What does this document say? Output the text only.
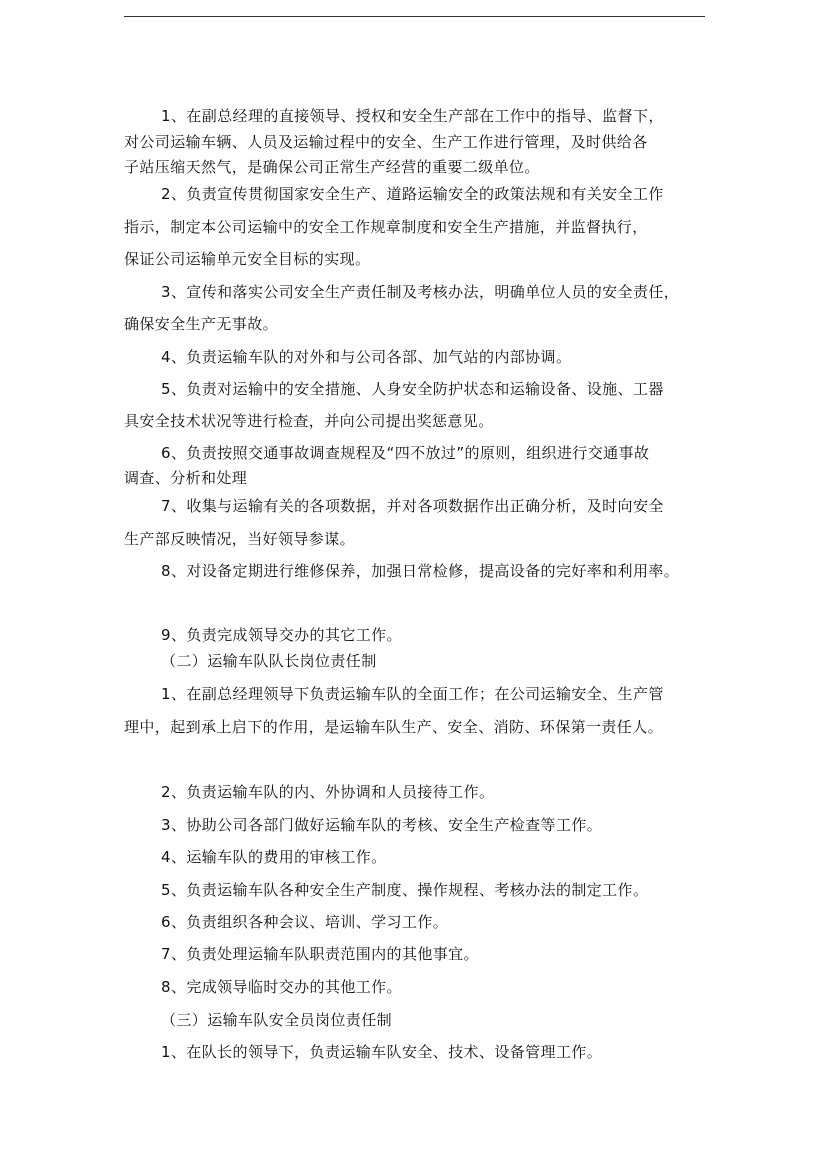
1、在副总经理的直接领导、授权和安全生产部在工作中的指导、监督下，
对公司运输车辆、人员及运输过程中的安全、生产工作进行管理，及时供给各
子站压缩天然气，是确保公司正常生产经营的重要二级单位。
2、负责宣传贯彻国家安全生产、道路运输安全的政策法规和有关安全工作
指示，制定本公司运输中的安全工作规章制度和安全生产措施，并监督执行，
保证公司运输单元安全目标的实现。
3、宣传和落实公司安全生产责任制及考核办法，明确单位人员的安全责任，
确保安全生产无事故。
4、负责运输车队的对外和与公司各部、加气站的内部协调。
5、负责对运输中的安全措施、人身安全防护状态和运输设备、设施、工器
具安全技术状况等进行检查，并向公司提出奖惩意见。
6、负责按照交通事故调查规程及“四不放过”的原则，组织进行交通事故
调查、分析和处理
7、收集与运输有关的各项数据，并对各项数据作出正确分析，及时向安全
生产部反映情况，当好领导参谋。
8、对设备定期进行维修保养，加强日常检修，提高设备的完好率和利用率。
9、负责完成领导交办的其它工作。
（二）运输车队队长岗位责任制
1、在副总经理领导下负责运输车队的全面工作；在公司运输安全、生产管
理中，起到承上启下的作用，是运输车队生产、安全、消防、环保第一责任人。
2、负责运输车队的内、外协调和人员接待工作。
3、协助公司各部门做好运输车队的考核、安全生产检查等工作。
4、运输车队的费用的审核工作。
5、负责运输车队各种安全生产制度、操作规程、考核办法的制定工作。
6、负责组织各种会议、培训、学习工作。
7、负责处理运输车队职责范围内的其他事宜。
8、完成领导临时交办的其他工作。
（三）运输车队安全员岗位责任制
1、在队长的领导下，负责运输车队安全、技术、设备管理工作。
